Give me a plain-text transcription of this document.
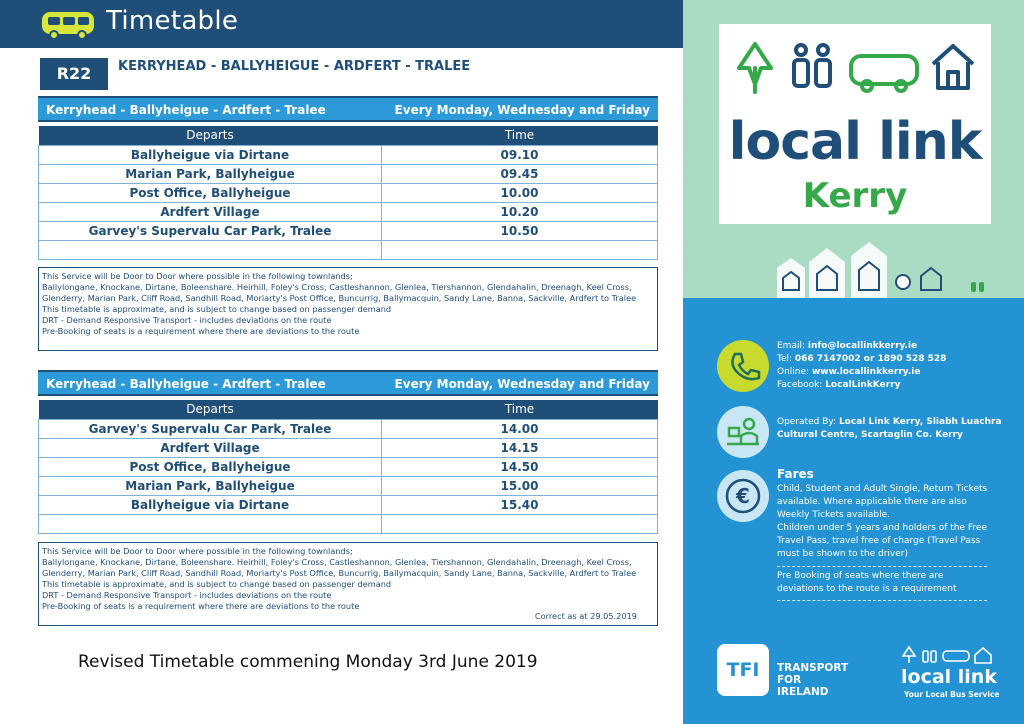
Timetable
R22	KERRYHEAD - BALLYHEIGUE - ARDFERT - TRALEE
Kerryhead - Ballyheigue - Ardfert - Tralee	Every Monday, Wednesday and Friday
Departs	Time
Ballyheigue via Dirtane	09.10
Marian Park, Ballyheigue	09.45
Post Office, Ballyheigue	10.00
Ardfert Village	10.20
Garvey's Supervalu Car Park, Tralee	10.50

This Service will be Door to Door where possible in the following townlands;
Ballylongane, Knockane, Dirtane, Boleenshare. Heirhill, Foley's Cross, Castleshannon, Glenlea, Tiershannon, Glendahalin, Dreenagh, Keel Cross, Glenderry, Marian Park, Cliff Road, Sandhill Road, Moriarty's Post Office, Buncurrig, Ballymacquin, Sandy Lane, Banna, Sackville, Ardfert to Tralee
This timetable is approximate, and is subject to change based on passenger demand
DRT - Demand Responsive Transport - includes deviations on the route
Pre-Booking of seats is a requirement where there are deviations to the route
Kerryhead - Ballyheigue - Ardfert - Tralee	Every Monday, Wednesday and Friday
Departs	Time
Garvey's Supervalu Car Park, Tralee	14.00
Ardfert Village	14.15
Post Office, Ballyheigue	14.50
Marian Park, Ballyheigue	15.00
Ballyheigue via Dirtane	15.40

This Service will be Door to Door where possible in the following townlands;
Ballylongane, Knockane, Dirtane, Boleenshare. Heirhill, Foley's Cross, Castleshannon, Glenlea, Tiershannon, Glendahalin, Dreenagh, Keel Cross, Glenderry, Marian Park, Cliff Road, Sandhill Road, Moriarty's Post Office, Buncurrig, Ballymacquin, Sandy Lane, Banna, Sackville, Ardfert to Tralee
This timetable is approximate, and is subject to change based on passenger demand
DRT - Demand Responsive Transport - includes deviations on the route
Pre-Booking of seats is a requirement where there are deviations to the route
Correct as at 29.05.2019
Revised Timetable commening Monday 3rd June 2019
local link
Kerry
Email: info@locallinkkerry.ie
Tel: 066 7147002 or 1890 528 528
Online: www.locallinkkerry.ie
Facebook: LocalLinkKerry
Operated By: Local Link Kerry, Sliabh Luachra Cultural Centre, Scartaglin Co. Kerry
€
Fares
Child, Student and Adult Single, Return Tickets available. Where applicable there are also Weekly Tickets available.
Children under 5 years and holders of the Free Travel Pass, travel free of charge (Travel Pass must be shown to the driver)
Pre Booking of seats where there are deviations to the route is a requirement
TFI	TRANSPORT
FOR
IRELAND
local link
Your Local Bus Service
